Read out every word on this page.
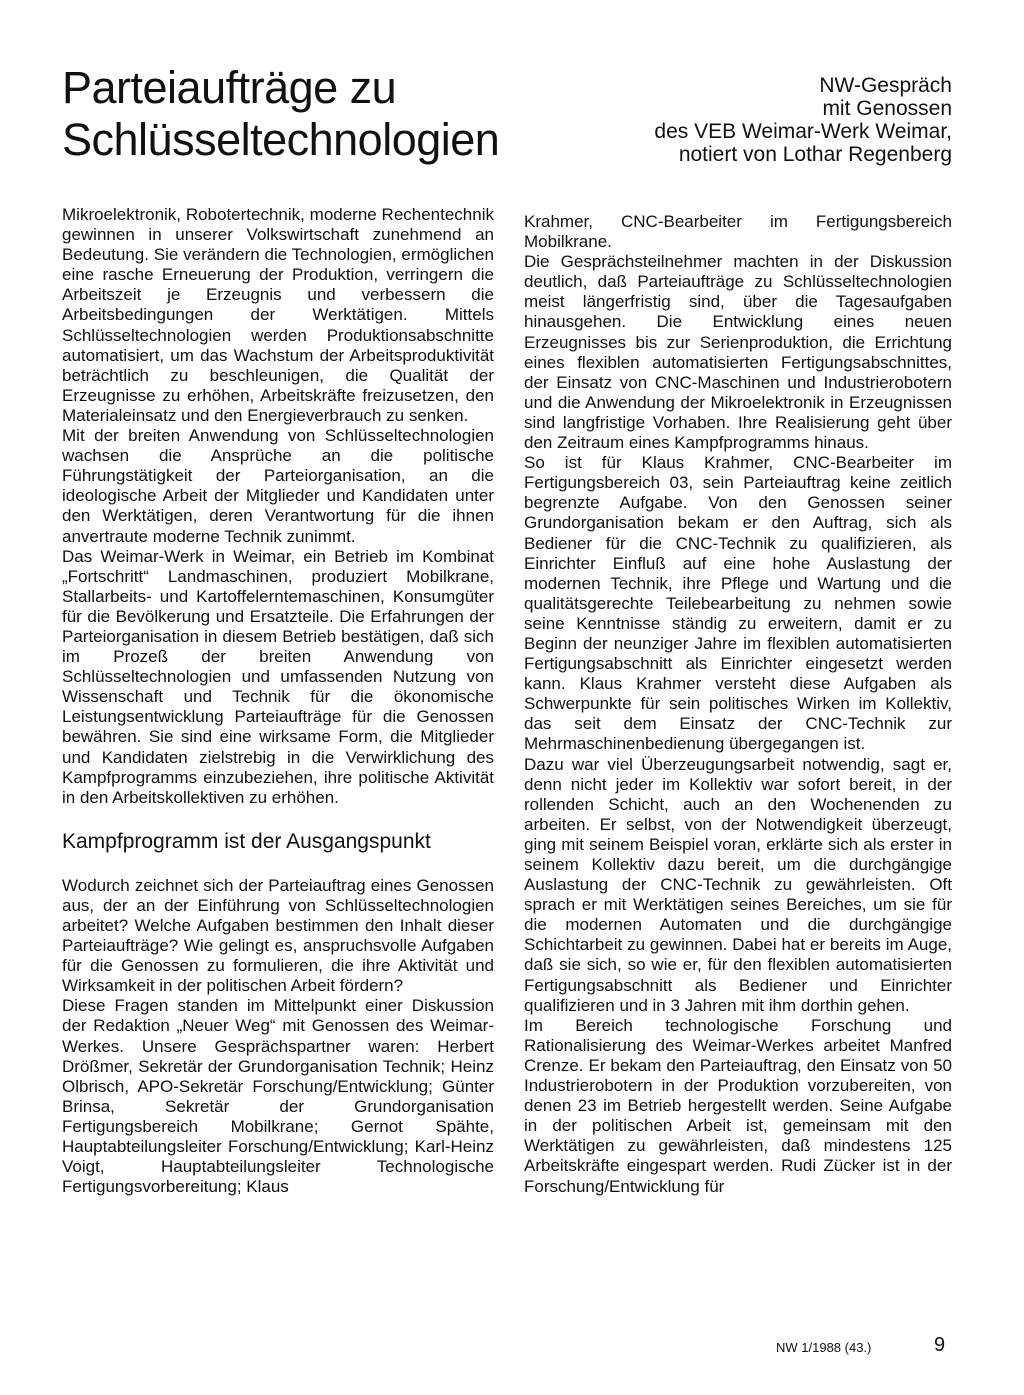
Parteiaufträge zu
Schlüsseltechnologien
NW-Gespräch
mit Genossen
des VEB Weimar-Werk Weimar,
notiert von Lothar Regenberg

Mikroelektronik, Robotertechnik, moderne Rechentechnik gewinnen in unserer Volkswirtschaft zunehmend an Bedeutung. Sie verändern die Technologien, ermöglichen eine rasche Erneuerung der Produktion, verringern die Arbeitszeit je Erzeugnis und verbessern die Arbeitsbedingungen der Werktätigen. Mittels Schlüsseltechnologien werden Produktionsabschnitte automatisiert, um das Wachstum der Arbeitsproduktivität beträchtlich zu beschleunigen, die Qualität der Erzeugnisse zu erhöhen, Arbeitskräfte freizusetzen, den Materialeinsatz und den Energieverbrauch zu senken.

Mit der breiten Anwendung von Schlüsseltechnologien wachsen die Ansprüche an die politische Führungstätigkeit der Parteiorganisation, an die ideologische Arbeit der Mitglieder und Kandidaten unter den Werktätigen, deren Verantwortung für die ihnen anvertraute moderne Technik zunimmt.

Das Weimar-Werk in Weimar, ein Betrieb im Kombinat „Fortschritt“ Landmaschinen, produziert Mobilkrane, Stallarbeits- und Kartoffelerntemaschinen, Konsumgüter für die Bevölkerung und Ersatzteile. Die Erfahrungen der Parteiorganisation in diesem Betrieb bestätigen, daß sich im Prozeß der breiten Anwendung von Schlüsseltechnologien und umfassenden Nutzung von Wissenschaft und Technik für die ökonomische Leistungsentwicklung Parteiaufträge für die Genossen bewähren. Sie sind eine wirksame Form, die Mitglieder und Kandidaten zielstrebig in die Verwirklichung des Kampfprogramms einzubeziehen, ihre politische Aktivität in den Arbeitskollektiven zu erhöhen.

Kampfprogramm ist der Ausgangspunkt

Wodurch zeichnet sich der Parteiauftrag eines Genossen aus, der an der Einführung von Schlüsseltechnologien arbeitet? Welche Aufgaben bestimmen den Inhalt dieser Parteiaufträge? Wie gelingt es, anspruchsvolle Aufgaben für die Genossen zu formulieren, die ihre Aktivität und Wirksamkeit in der politischen Arbeit fördern?

Diese Fragen standen im Mittelpunkt einer Diskussion der Redaktion „Neuer Weg“ mit Genossen des Weimar-Werkes. Unsere Gesprächspartner waren: Herbert Drößmer, Sekretär der Grundorganisation Technik; Heinz Olbrisch, APO-Sekretär Forschung/Entwicklung; Günter Brinsa, Sekretär der Grundorganisation Fertigungsbereich Mobilkrane; Gernot Spähte, Hauptabteilungsleiter Forschung/Entwicklung; Karl-Heinz Voigt, Hauptabteilungsleiter Technologische Fertigungsvorbereitung; Klaus

Krahmer, CNC-Bearbeiter im Fertigungsbereich Mobilkrane.

Die Gesprächsteilnehmer machten in der Diskussion deutlich, daß Parteiaufträge zu Schlüsseltechnologien meist längerfristig sind, über die Tagesaufgaben hinausgehen. Die Entwicklung eines neuen Erzeugnisses bis zur Serienproduktion, die Errichtung eines flexiblen automatisierten Fertigungsabschnittes, der Einsatz von CNC-Maschinen und Industrierobotern und die Anwendung der Mikroelektronik in Erzeugnissen sind langfristige Vorhaben. Ihre Realisierung geht über den Zeitraum eines Kampfprogramms hinaus.

So ist für Klaus Krahmer, CNC-Bearbeiter im Fertigungsbereich 03, sein Parteiauftrag keine zeitlich begrenzte Aufgabe. Von den Genossen seiner Grundorganisation bekam er den Auftrag, sich als Bediener für die CNC-Technik zu qualifizieren, als Einrichter Einfluß auf eine hohe Auslastung der modernen Technik, ihre Pflege und Wartung und die qualitätsgerechte Teilebearbeitung zu nehmen sowie seine Kenntnisse ständig zu erweitern, damit er zu Beginn der neunziger Jahre im flexiblen automatisierten Fertigungsabschnitt als Einrichter eingesetzt werden kann. Klaus Krahmer versteht diese Aufgaben als Schwerpunkte für sein politisches Wirken im Kollektiv, das seit dem Einsatz der CNC-Technik zur Mehrmaschinenbedienung übergegangen ist.

Dazu war viel Überzeugungsarbeit notwendig, sagt er, denn nicht jeder im Kollektiv war sofort bereit, in der rollenden Schicht, auch an den Wochenenden zu arbeiten. Er selbst, von der Notwendigkeit überzeugt, ging mit seinem Beispiel voran, erklärte sich als erster in seinem Kollektiv dazu bereit, um die durchgängige Auslastung der CNC-Technik zu gewährleisten. Oft sprach er mit Werktätigen seines Bereiches, um sie für die modernen Automaten und die durchgängige Schichtarbeit zu gewinnen. Dabei hat er bereits im Auge, daß sie sich, so wie er, für den flexiblen automatisierten Fertigungsabschnitt als Bediener und Einrichter qualifizieren und in 3 Jahren mit ihm dorthin gehen.

Im Bereich technologische Forschung und Rationalisierung des Weimar-Werkes arbeitet Manfred Crenze. Er bekam den Parteiauftrag, den Einsatz von 50 Industrierobotern in der Produktion vorzubereiten, von denen 23 im Betrieb hergestellt werden. Seine Aufgabe in der politischen Arbeit ist, gemeinsam mit den Werktätigen zu gewährleisten, daß mindestens 125 Arbeitskräfte eingespart werden. Rudi Zücker ist in der Forschung/Entwicklung für

NW 1/1988 (43.)	9
